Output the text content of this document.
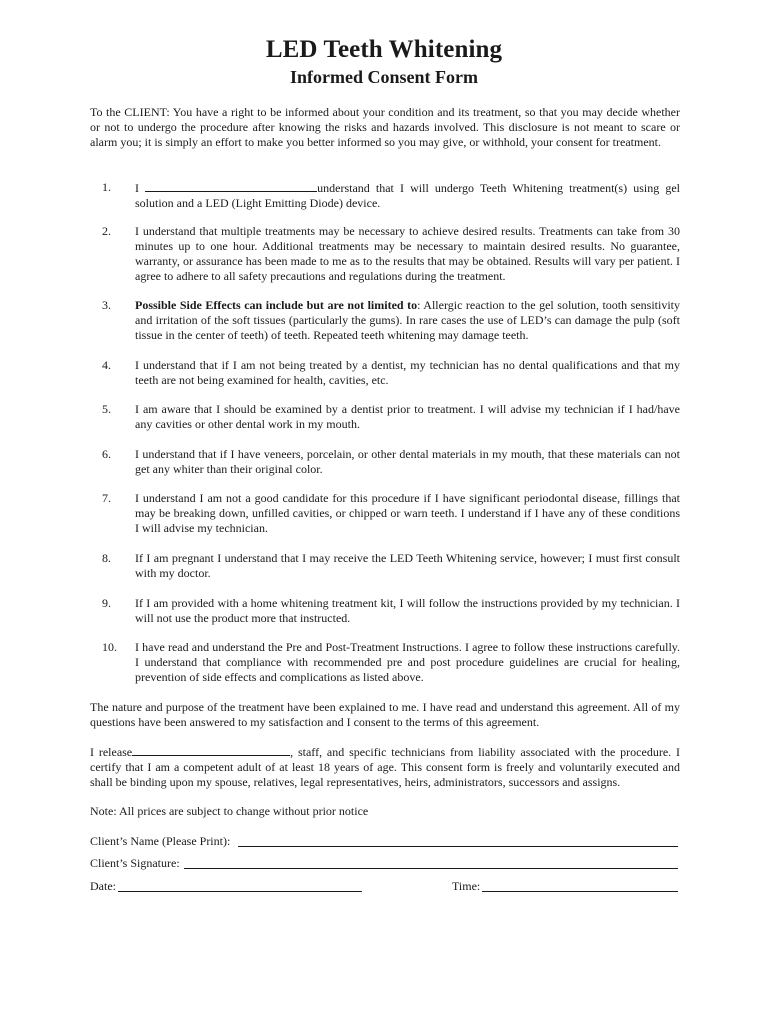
LED Teeth Whitening
Informed Consent Form
To the CLIENT: You have a right to be informed about your condition and its treatment, so that you may decide whether or not to undergo the procedure after knowing the risks and hazards involved. This disclosure is not meant to scare or alarm you; it is simply an effort to make you better informed so you may give, or withhold, your consent for treatment.
1.	I	understand that I will undergo Teeth Whitening treatment(s) using gel solution and a LED (Light Emitting Diode) device.
2.	I understand that multiple treatments may be necessary to achieve desired results. Treatments can take from 30 minutes up to one hour. Additional treatments may be necessary to maintain desired results. No guarantee, warranty, or assurance has been made to me as to the results that may be obtained. Results will vary per patient. I agree to adhere to all safety precautions and regulations during the treatment.
3.	Possible Side Effects can include but are not limited to: Allergic reaction to the gel solution, tooth sensitivity and irritation of the soft tissues (particularly the gums). In rare cases the use of LED’s can damage the pulp (soft tissue in the center of teeth) of teeth. Repeated teeth whitening may damage teeth.
4.	I understand that if I am not being treated by a dentist, my technician has no dental qualifications and that my teeth are not being examined for health, cavities, etc.
5.	I am aware that I should be examined by a dentist prior to treatment. I will advise my technician if I had/have any cavities or other dental work in my mouth.
6.	I understand that if I have veneers, porcelain, or other dental materials in my mouth, that these materials can not get any whiter than their original color.
7.	I understand I am not a good candidate for this procedure if I have significant periodontal disease, fillings that may be breaking down, unfilled cavities, or chipped or warn teeth. I understand if I have any of these conditions I will advise my technician.
8.	If I am pregnant I understand that I may receive the LED Teeth Whitening service, however; I must first consult with my doctor.
9.	If I am provided with a home whitening treatment kit, I will follow the instructions provided by my technician. I will not use the product more that instructed.
10.	I have read and understand the Pre and Post-Treatment Instructions. I agree to follow these instructions carefully. I understand that compliance with recommended pre and post procedure guidelines are crucial for healing, prevention of side effects and complications as listed above.
The nature and purpose of the treatment have been explained to me. I have read and understand this agreement. All of my questions have been answered to my satisfaction and I consent to the terms of this agreement.
I release	, staff, and specific technicians from liability associated with the procedure. I certify that I am a competent adult of at least 18 years of age. This consent form is freely and voluntarily executed and shall be binding upon my spouse, relatives, legal representatives, heirs, administrators, successors and assigns.
Note: All prices are subject to change without prior notice
Client’s Name (Please Print):
Client’s Signature:
Date:	Time:
